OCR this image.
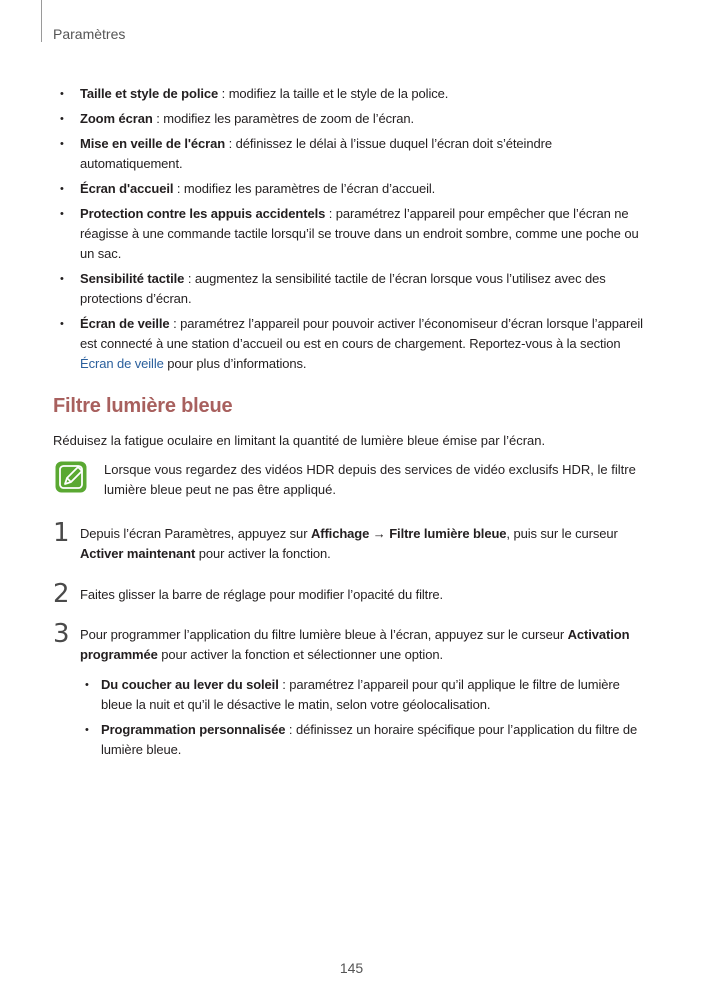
Paramètres
• Taille et style de police : modifiez la taille et le style de la police.
• Zoom écran : modifiez les paramètres de zoom de l’écran.
• Mise en veille de l'écran : définissez le délai à l’issue duquel l’écran doit s’éteindre automatiquement.
• Écran d'accueil : modifiez les paramètres de l’écran d’accueil.
• Protection contre les appuis accidentels : paramétrez l’appareil pour empêcher que l’écran ne réagisse à une commande tactile lorsqu’il se trouve dans un endroit sombre, comme une poche ou un sac.
• Sensibilité tactile : augmentez la sensibilité tactile de l’écran lorsque vous l’utilisez avec des protections d’écran.
• Écran de veille : paramétrez l’appareil pour pouvoir activer l’économiseur d’écran lorsque l’appareil est connecté à une station d’accueil ou est en cours de chargement. Reportez-vous à la section Écran de veille pour plus d’informations.
Filtre lumière bleue
Réduisez la fatigue oculaire en limitant la quantité de lumière bleue émise par l’écran.
Lorsque vous regardez des vidéos HDR depuis des services de vidéo exclusifs HDR, le filtre lumière bleue peut ne pas être appliqué.
1 Depuis l’écran Paramètres, appuyez sur Affichage → Filtre lumière bleue, puis sur le curseur Activer maintenant pour activer la fonction.
2 Faites glisser la barre de réglage pour modifier l’opacité du filtre.
3 Pour programmer l’application du filtre lumière bleue à l’écran, appuyez sur le curseur Activation programmée pour activer la fonction et sélectionner une option.
• Du coucher au lever du soleil : paramétrez l’appareil pour qu’il applique le filtre de lumière bleue la nuit et qu’il le désactive le matin, selon votre géolocalisation.
• Programmation personnalisée : définissez un horaire spécifique pour l’application du filtre de lumière bleue.
145
